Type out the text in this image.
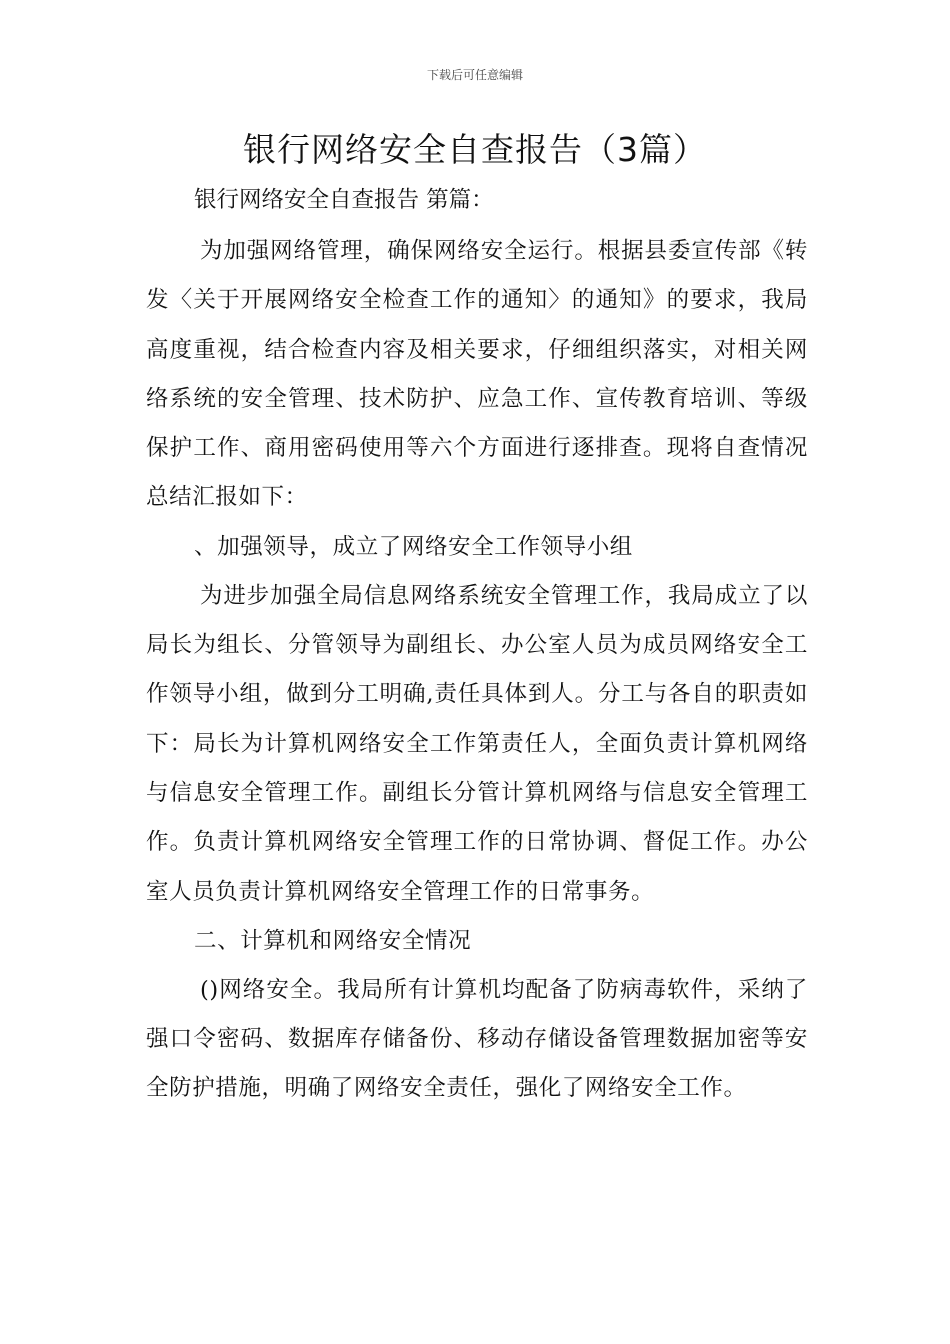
下载后可任意编辑
银行网络安全自查报告（3篇）

银行网络安全自查报告 第篇：

为加强网络管理，确保网络安全运行。根据县委宣传部《转发〈关于开展网络安全检查工作的通知〉的通知》的要求，我局高度重视，结合检查内容及相关要求，仔细组织落实，对相关网络系统的安全管理、技术防护、应急工作、宣传教育培训、等级保护工作、商用密码使用等六个方面进行逐排查。现将自查情况总结汇报如下：

、加强领导，成立了网络安全工作领导小组

为进步加强全局信息网络系统安全管理工作，我局成立了以局长为组长、分管领导为副组长、办公室人员为成员网络安全工作领导小组，做到分工明确,责任具体到人。分工与各自的职责如下：局长为计算机网络安全工作第责任人，全面负责计算机网络与信息安全管理工作。副组长分管计算机网络与信息安全管理工作。负责计算机网络安全管理工作的日常协调、督促工作。办公室人员负责计算机网络安全管理工作的日常事务。

二、计算机和网络安全情况

()网络安全。我局所有计算机均配备了防病毒软件，采纳了强口令密码、数据库存储备份、移动存储设备管理数据加密等安全防护措施，明确了网络安全责任，强化了网络安全工作。
